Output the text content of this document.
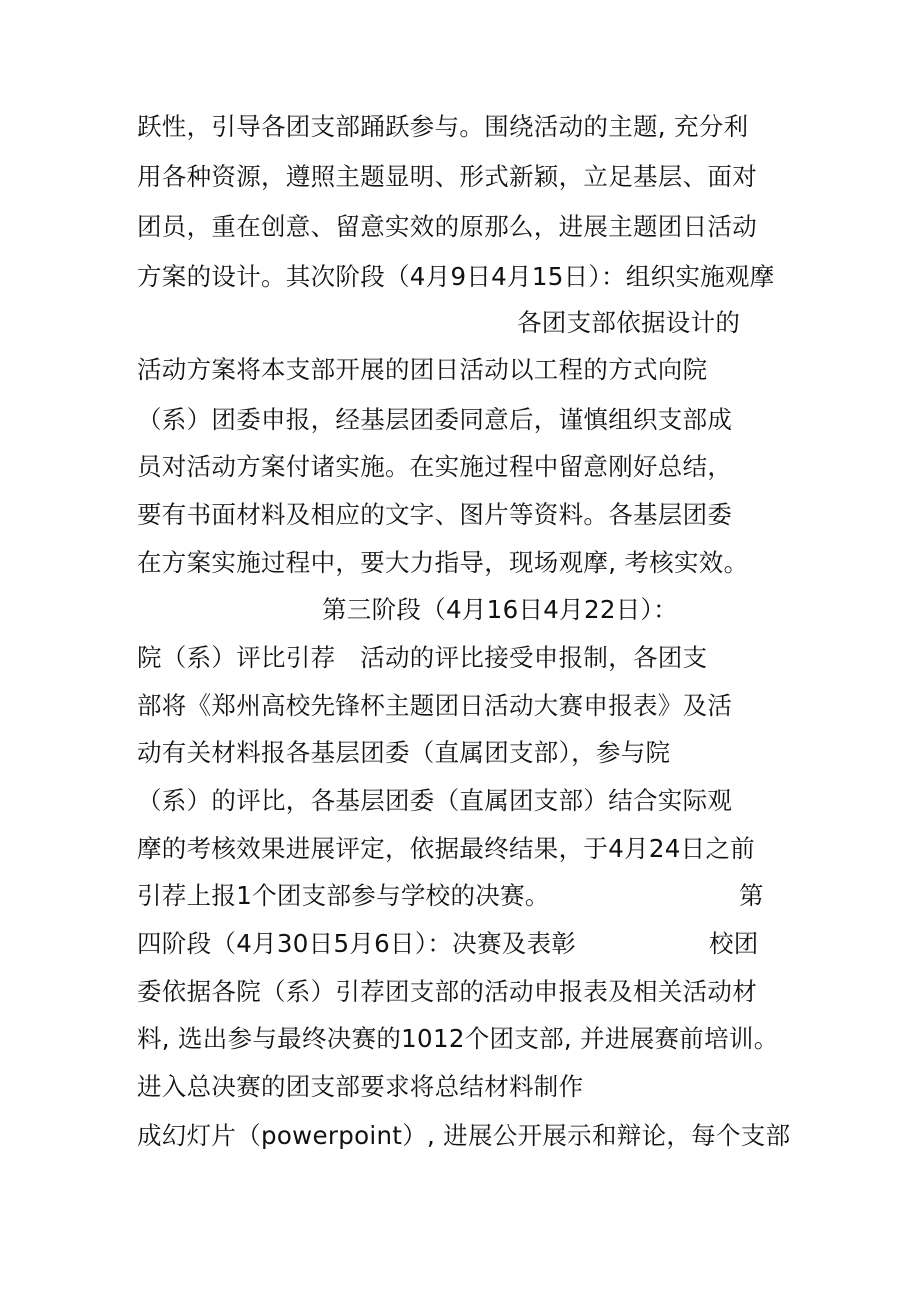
跃性，引导各团支部踊跃参与。围绕活动的主题, 充分利
用各种资源，遵照主题显明、形式新颖，立足基层、面对
团员，重在创意、留意实效的原那么，进展主题团日活动
方案的设计。其次阶段（4月9日4月15日）：组织实施观摩
各团支部依据设计的
活动方案将本支部开展的团日活动以工程的方式向院
（系）团委申报，经基层团委同意后，谨慎组织支部成
员对活动方案付诸实施。在实施过程中留意刚好总结，
要有书面材料及相应的文字、图片等资料。各基层团委
在方案实施过程中，要大力指导，现场观摩, 考核实效。
第三阶段（4月16日4月22日）：
院（系）评比引荐　活动的评比接受申报制，各团支
部将《郑州高校先锋杯主题团日活动大赛申报表》及活
动有关材料报各基层团委（直属团支部），参与院
（系）的评比，各基层团委（直属团支部）结合实际观
摩的考核效果进展评定，依据最终结果，于4月24日之前
引荐上报1个团支部参与学校的决赛。	第
四阶段（4月30日5月6日）：决赛及表彰	校团
委依据各院（系）引荐团支部的活动申报表及相关活动材
料, 选出参与最终决赛的1012个团支部, 并进展赛前培训。
进入总决赛的团支部要求将总结材料制作
成幻灯片（powerpoint）, 进展公开展示和辩论，每个支部
